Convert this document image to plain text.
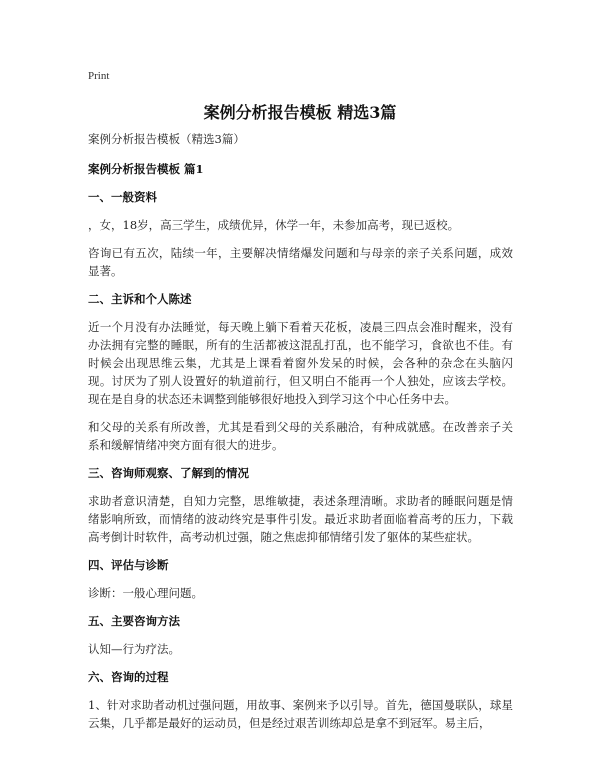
Print
案例分析报告模板 精选3篇

案例分析报告模板（精选3篇）

案例分析报告模板 篇1

一、一般资料

，女，18岁，高三学生，成绩优异，休学一年，未参加高考，现已返校。

咨询已有五次，陆续一年，主要解决情绪爆发问题和与母亲的亲子关系问题，成效显著。

二、主诉和个人陈述

近一个月没有办法睡觉，每天晚上躺下看着天花板，凌晨三四点会准时醒来，没有办法拥有完整的睡眠，所有的生活都被这混乱打乱，也不能学习，食欲也不佳。有时候会出现思维云集，尤其是上课看着窗外发呆的时候，会各种的杂念在头脑闪现。讨厌为了别人设置好的轨道前行，但又明白不能再一个人独处，应该去学校。现在是自身的状态还未调整到能够很好地投入到学习这个中心任务中去。

和父母的关系有所改善，尤其是看到父母的关系融洽，有种成就感。在改善亲子关系和缓解情绪冲突方面有很大的进步。

三、咨询师观察、了解到的情况

求助者意识清楚，自知力完整，思维敏捷，表述条理清晰。求助者的睡眠问题是情绪影响所致，而情绪的波动终究是事件引发。最近求助者面临着高考的压力，下载高考倒计时软件，高考动机过强，随之焦虑抑郁情绪引发了躯体的某些症状。

四、评估与诊断

诊断：一般心理问题。

五、主要咨询方法

认知—行为疗法。

六、咨询的过程

1、针对求助者动机过强问题，用故事、案例来予以引导。首先，德国曼联队，球星云集，几乎都是最好的运动员，但是经过艰苦训练却总是拿不到冠军。易主后，
